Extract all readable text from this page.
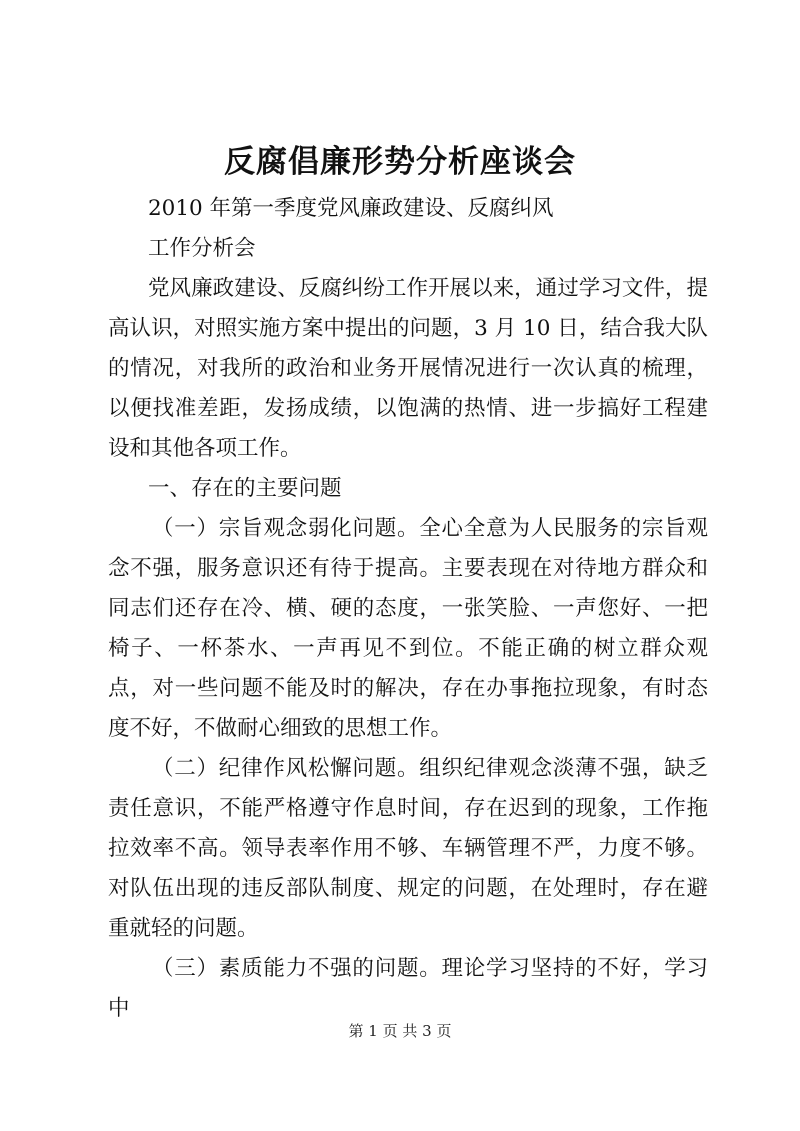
反腐倡廉形势分析座谈会

2010 年第一季度党风廉政建设、反腐纠风

工作分析会

党风廉政建设、反腐纠纷工作开展以来，通过学习文件，提高认识，对照实施方案中提出的问题，3 月 10 日，结合我大队的情况，对我所的政治和业务开展情况进行一次认真的梳理，以便找准差距，发扬成绩，以饱满的热情、进一步搞好工程建设和其他各项工作。

一、存在的主要问题

（一）宗旨观念弱化问题。全心全意为人民服务的宗旨观念不强，服务意识还有待于提高。主要表现在对待地方群众和同志们还存在冷、横、硬的态度，一张笑脸、一声您好、一把椅子、一杯茶水、一声再见不到位。不能正确的树立群众观点，对一些问题不能及时的解决，存在办事拖拉现象，有时态度不好，不做耐心细致的思想工作。

（二）纪律作风松懈问题。组织纪律观念淡薄不强，缺乏责任意识，不能严格遵守作息时间，存在迟到的现象，工作拖拉效率不高。领导表率作用不够、车辆管理不严，力度不够。对队伍出现的违反部队制度、规定的问题，在处理时，存在避重就轻的问题。

（三）素质能力不强的问题。理论学习坚持的不好，学习中

第 1 页 共 3 页
